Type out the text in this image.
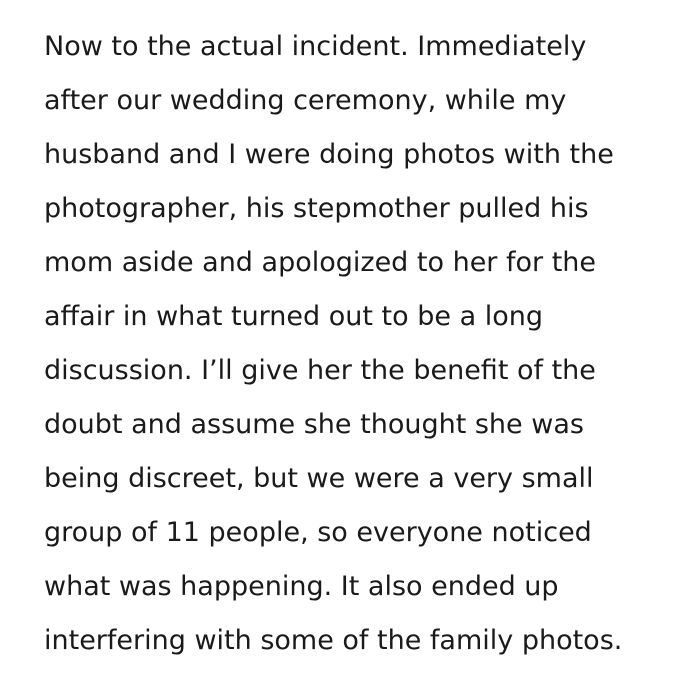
Now to the actual incident. Immediately
after our wedding ceremony, while my
husband and I were doing photos with the
photographer, his stepmother pulled his
mom aside and apologized to her for the
affair in what turned out to be a long
discussion. I’ll give her the benefit of the
doubt and assume she thought she was
being discreet, but we were a very small
group of 11 people, so everyone noticed
what was happening. It also ended up
interfering with some of the family photos.
